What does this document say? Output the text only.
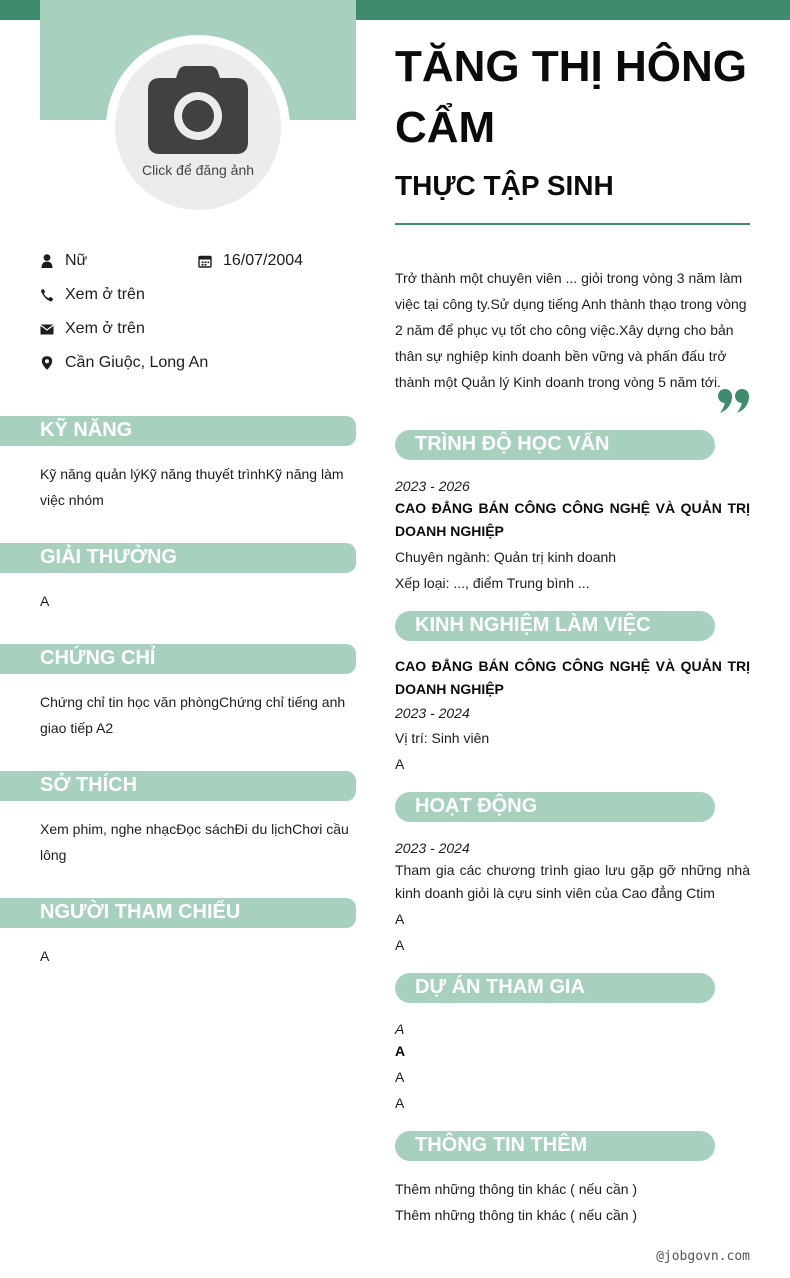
Click để đăng ảnh
TĂNG THỊ HÔNG CẨM
THỰC TẬP SINH
Nữ	16/07/2004
Xem ở trên
Xem ở trên
Cần Giuộc, Long An
KỸ NĂNG
Kỹ năng quản lýKỹ năng thuyết trìnhKỹ năng làm việc nhóm
GIẢI THƯỞNG
A
CHỨNG CHỈ
Chứng chỉ tin học văn phòngChứng chỉ tiếng anh giao tiếp A2
SỞ THÍCH
Xem phim, nghe nhạcĐọc sáchĐi du lịchChơi cầu lông
NGƯỜI THAM CHIẾU
A
Trở thành một chuyên viên ... giỏi trong vòng 3 năm làm việc tại công ty.Sử dụng tiếng Anh thành thạo trong vòng 2 năm để phục vụ tốt cho công việc.Xây dựng cho bản thân sự nghiệp kinh doanh bền vững và phấn đấu trở thành một Quản lý Kinh doanh trong vòng 5 năm tới.
TRÌNH ĐỘ HỌC VẤN
2023 - 2026
CAO ĐẲNG BÁN CÔNG CÔNG NGHỆ VÀ QUẢN TRỊ DOANH NGHIỆP
Chuyên ngành: Quản trị kinh doanh
Xếp loại: ..., điểm Trung bình ...
KINH NGHIỆM LÀM VIỆC
CAO ĐẲNG BÁN CÔNG CÔNG NGHỆ VÀ QUẢN TRỊ DOANH NGHIỆP
2023 - 2024
Vị trí: Sinh viên
A
HOẠT ĐỘNG
2023 - 2024
Tham gia các chương trình giao lưu gặp gỡ những nhà kinh doanh giỏi là cựu sinh viên của Cao đẳng Ctim
A
A
DỰ ÁN THAM GIA
A
A
A
A
THÔNG TIN THÊM
Thêm những thông tin khác ( nếu cần )
Thêm những thông tin khác ( nếu cần )
@jobgovn.com
